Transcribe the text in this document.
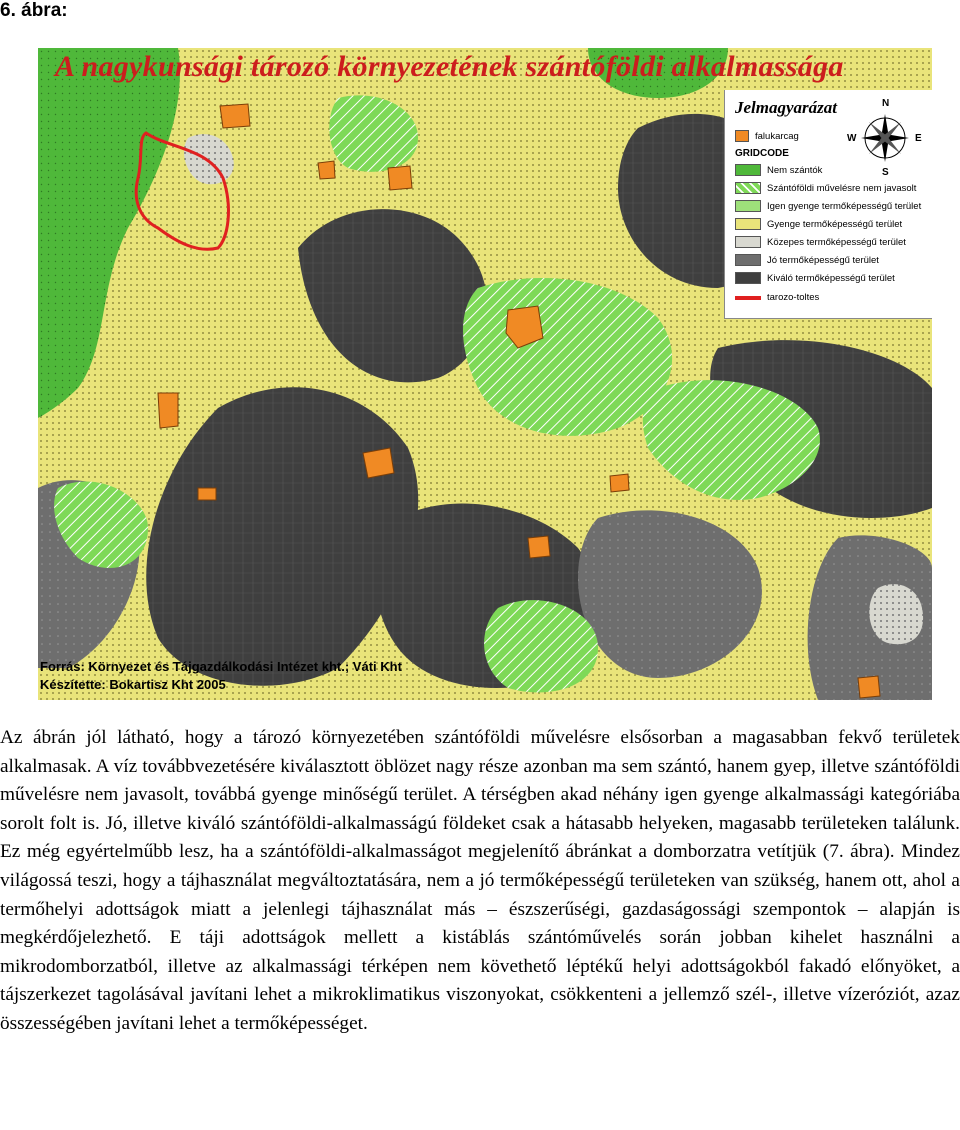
6. ábra:
A nagykunsági tározó környezetének szántóföldi alkalmassága
Jelmagyarázat	N
S
E
W
falukarcag
GRIDCODE
Nem szántók
Szántóföldi művelésre nem javasolt
Igen gyenge termőképességű terület
Gyenge termőképességű terület
Közepes termőképességű terület
Jó termőképességű terület
Kiváló termőképességű terület
tarozo-toltes
Forrás: Környezet és Tájgazdálkodási Intézet kht.; Váti Kht
Készítette: Bokartisz Kht 2005

Az ábrán jól látható, hogy a tározó környezetében szántóföldi művelésre elsősorban a magasabban fekvő területek alkalmasak. A víz továbbvezetésére kiválasztott öblözet nagy része azonban ma sem szántó, hanem gyep, illetve szántóföldi művelésre nem javasolt, továbbá gyenge minőségű terület. A térségben akad néhány igen gyenge alkalmassági kategóriába sorolt folt is. Jó, illetve kiváló szántóföldi-alkalmasságú földeket csak a hátasabb helyeken, magasabb területeken találunk. Ez még egyértelműbb lesz, ha a szántóföldi-alkalmasságot megjelenítő ábránkat a domborzatra vetítjük (7. ábra). Mindez világossá teszi, hogy a tájhasználat megváltoztatására, nem a jó termőképességű területeken van szükség, hanem ott, ahol a termőhelyi adottságok miatt a jelenlegi tájhasználat más – észszerűségi, gazdaságossági szempontok – alapján is megkérdőjelezhető. E táji adottságok mellett a kistáblás szántóművelés során jobban kihelet használni a mikrodomborzatból, illetve az alkalmassági térképen nem követhető léptékű helyi adottságokból fakadó előnyöket, a tájszerkezet tagolásával javítani lehet a mikroklimatikus viszonyokat, csökkenteni a jellemző szél-, illetve vízeróziót, azaz összességében javítani lehet a termőképességet.
